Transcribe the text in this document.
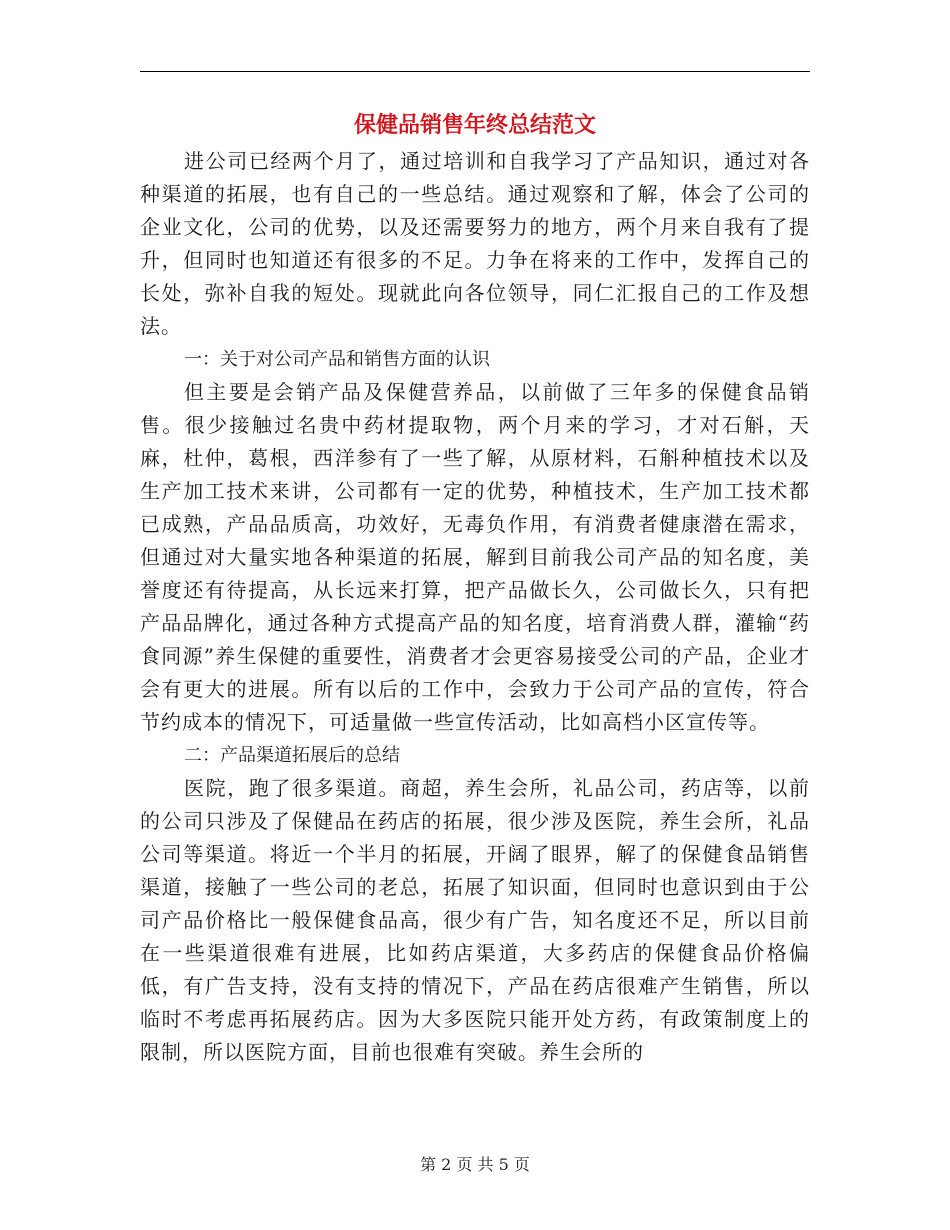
保健品销售年终总结范文

进公司已经两个月了，通过培训和自我学习了产品知识，通过对各种渠道的拓展，也有自己的一些总结。通过观察和了解，体会了公司的企业文化，公司的优势，以及还需要努力的地方，两个月来自我有了提升，但同时也知道还有很多的不足。力争在将来的工作中，发挥自己的长处，弥补自我的短处。现就此向各位领导，同仁汇报自己的工作及想法。

一：关于对公司产品和销售方面的认识

但主要是会销产品及保健营养品，以前做了三年多的保健食品销售。很少接触过名贵中药材提取物，两个月来的学习，才对石斛，天麻，杜仲，葛根，西洋参有了一些了解，从原材料，石斛种植技术以及生产加工技术来讲，公司都有一定的优势，种植技术，生产加工技术都已成熟，产品品质高，功效好，无毒负作用，有消费者健康潜在需求，但通过对大量实地各种渠道的拓展，解到目前我公司产品的知名度，美誉度还有待提高，从长远来打算，把产品做长久，公司做长久，只有把产品品牌化，通过各种方式提高产品的知名度，培育消费人群，灌输“药食同源”养生保健的重要性，消费者才会更容易接受公司的产品，企业才会有更大的进展。所有以后的工作中，会致力于公司产品的宣传，符合节约成本的情况下，可适量做一些宣传活动，比如高档小区宣传等。

二：产品渠道拓展后的总结

医院，跑了很多渠道。商超，养生会所，礼品公司，药店等，以前的公司只涉及了保健品在药店的拓展，很少涉及医院，养生会所，礼品公司等渠道。将近一个半月的拓展，开阔了眼界，解了的保健食品销售渠道，接触了一些公司的老总，拓展了知识面，但同时也意识到由于公司产品价格比一般保健食品高，很少有广告，知名度还不足，所以目前在一些渠道很难有进展，比如药店渠道，大多药店的保健食品价格偏低，有广告支持，没有支持的情况下，产品在药店很难产生销售，所以临时不考虑再拓展药店。因为大多医院只能开处方药，有政策制度上的限制，所以医院方面，目前也很难有突破。养生会所的

第 2 页 共 5 页
